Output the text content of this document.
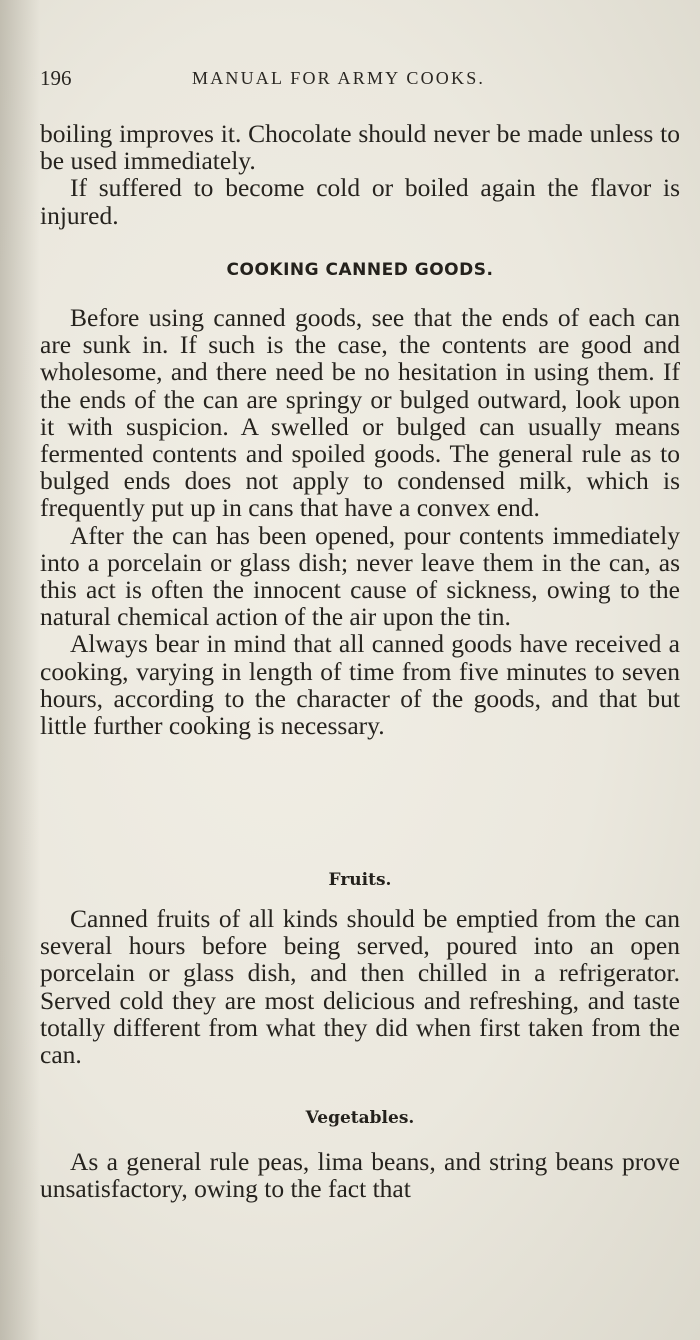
196	MANUAL FOR ARMY COOKS.

boiling improves it. Chocolate should never be made unless to be used immediately.

If suffered to become cold or boiled again the flavor is injured.

COOKING CANNED GOODS.

Before using canned goods, see that the ends of each can are sunk in. If such is the case, the contents are good and wholesome, and there need be no hesitation in using them. If the ends of the can are springy or bulged outward, look upon it with suspicion. A swelled or bulged can usually means fermented contents and spoiled goods. The general rule as to bulged ends does not apply to condensed milk, which is frequently put up in cans that have a convex end.

After the can has been opened, pour contents immediately into a porcelain or glass dish; never leave them in the can, as this act is often the innocent cause of sickness, owing to the natural chemical action of the air upon the tin.

Always bear in mind that all canned goods have received a cooking, varying in length of time from five minutes to seven hours, according to the character of the goods, and that but little further cooking is necessary.

Fruits.

Canned fruits of all kinds should be emptied from the can several hours before being served, poured into an open porcelain or glass dish, and then chilled in a refrigerator. Served cold they are most delicious and refreshing, and taste totally different from what they did when first taken from the can.

Vegetables.

As a general rule peas, lima beans, and string beans prove unsatisfactory, owing to the fact that
